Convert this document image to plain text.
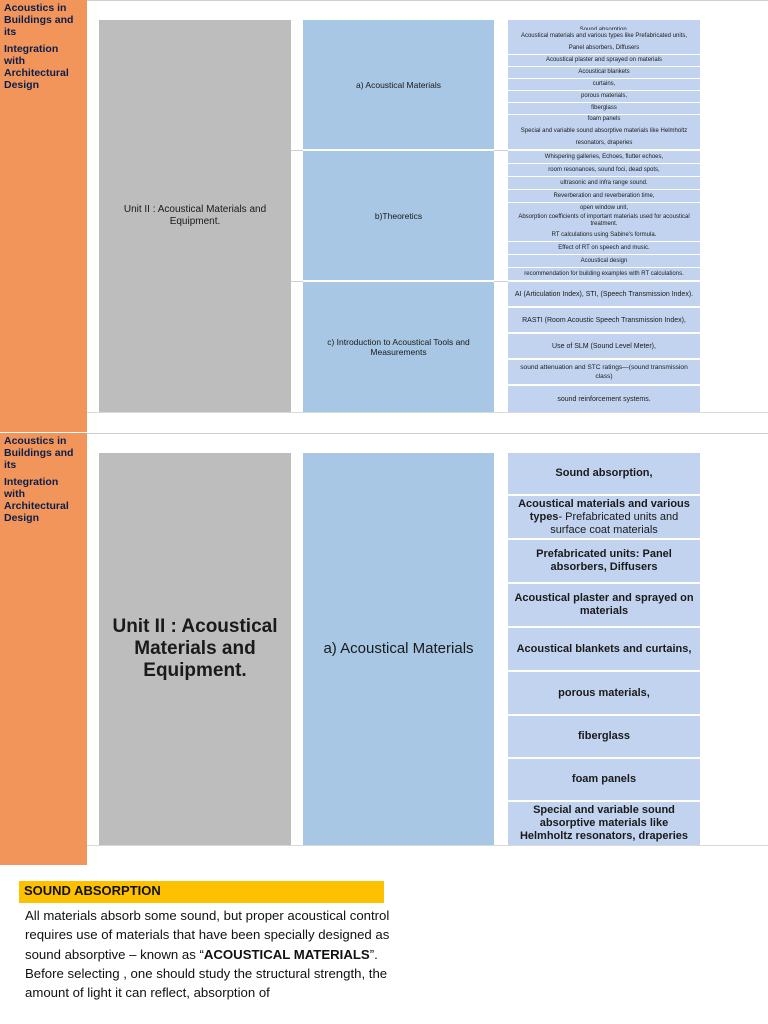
Acoustics in Buildings and its
Integration with Architectural Design
Unit II : Acoustical Materials and Equipment.
a) Acoustical Materials
b)Theoretics
c) Introduction to Acoustical Tools and Measurements
Acoustical materials and various types like Prefabricated units,
Panel absorbers, Diffusers
Acoustical plaster and sprayed on materials
Acoustical blankets
curtains,
porous materials,
fiberglass
foam panels
Special and variable sound absorptive materials like Helmholtz
resonators, draperies
Whispering galleries, Echoes, flutter echoes,
room resonances, sound foci, dead spots,
ultrasonic and infra range sound.
Reverberation and reverberation time,
open window unit,
Absorption coefficients of important materials used for acoustical treatment.
RT calculations using Sabine's formula.
Effect of RT on speech and music.
Acoustical design
recommendation for building examples with RT calculations.
AI (Articulation Index), STI, (Speech Transmission Index).
RASTI (Room Acoustic Speech Transmission Index),
Use of SLM (Sound Level Meter),
sound attenuation and STC ratings—(sound transmission class)
sound reinforcement systems.
Acoustics in Buildings and its
Integration with Architectural Design
Unit II : Acoustical Materials and Equipment.
a) Acoustical Materials
Sound absorption,
Acoustical materials and various types- Prefabricated units and surface coat materials
Prefabricated units: Panel absorbers, Diffusers
Acoustical plaster and sprayed on materials
Acoustical blankets and curtains,
porous materials,
fiberglass
foam panels
Special and variable sound absorptive materials like Helmholtz resonators, draperies
SOUND ABSORPTION
All materials absorb some sound, but proper acoustical control requires use of materials that have been specially designed as sound absorptive – known as “ACOUSTICAL MATERIALS”.
Before selecting , one should study the structural strength, the amount of light it can reflect, absorption of
